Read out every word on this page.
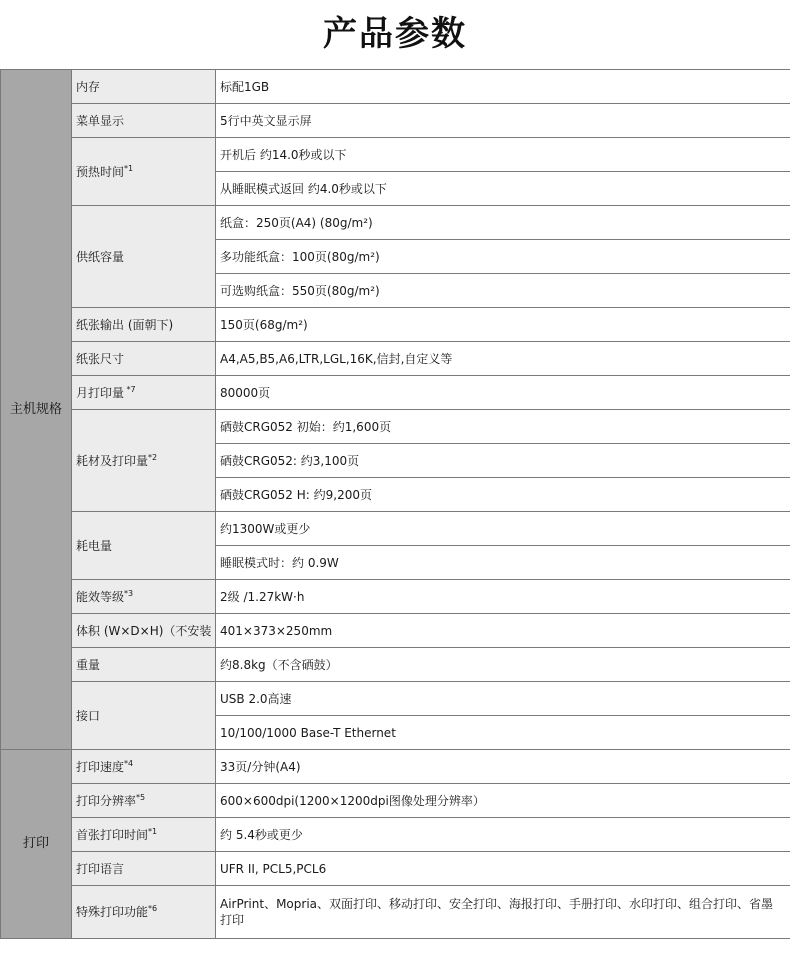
产品参数
主机规格	内存	标配1GB
	菜单显示	5行中英文显示屏
	预热时间$^{*1}$	开机后 约14.0秒或以下
		从睡眠模式返回 约4.0秒或以下
	供纸容量	纸盒：250页(A4) (80g/m²)
		多功能纸盒：100页(80g/m²)
		可选购纸盒：550页(80g/m²)
	纸张输出 (面朝下)	150页(68g/m²)
	纸张尺寸	A4,A5,B5,A6,LTR,LGL,16K,信封,自定义等
	月打印量 $^{*7}$	80000页
	耗材及打印量$^{*2}$	硒鼓CRG052 初始：约1,600页
		硒鼓CRG052: 约3,100页
		硒鼓CRG052 H: 约9,200页
	耗电量	约1300W或更少
		睡眠模式时：约 0.9W
	能效等级$^{*3}$	2级 /1.27kW·h
	体积 (W×D×H)（不安装	401×373×250mm
	重量	约8.8kg（不含硒鼓）
	接口	USB 2.0高速
		10/100/1000 Base-T Ethernet
打印	打印速度$^{*4}$	33页/分钟(A4)
	打印分辨率$^{*5}$	600×600dpi(1200×1200dpi图像处理分辨率）
	首张打印时间$^{*1}$	约 5.4秒或更少
	打印语言	UFR II, PCL5,PCL6
	特殊打印功能$^{*6}$	AirPrint、Mopria、双面打印、移动打印、安全打印、海报打印、手册打印、水印打印、组合打印、省墨打印
